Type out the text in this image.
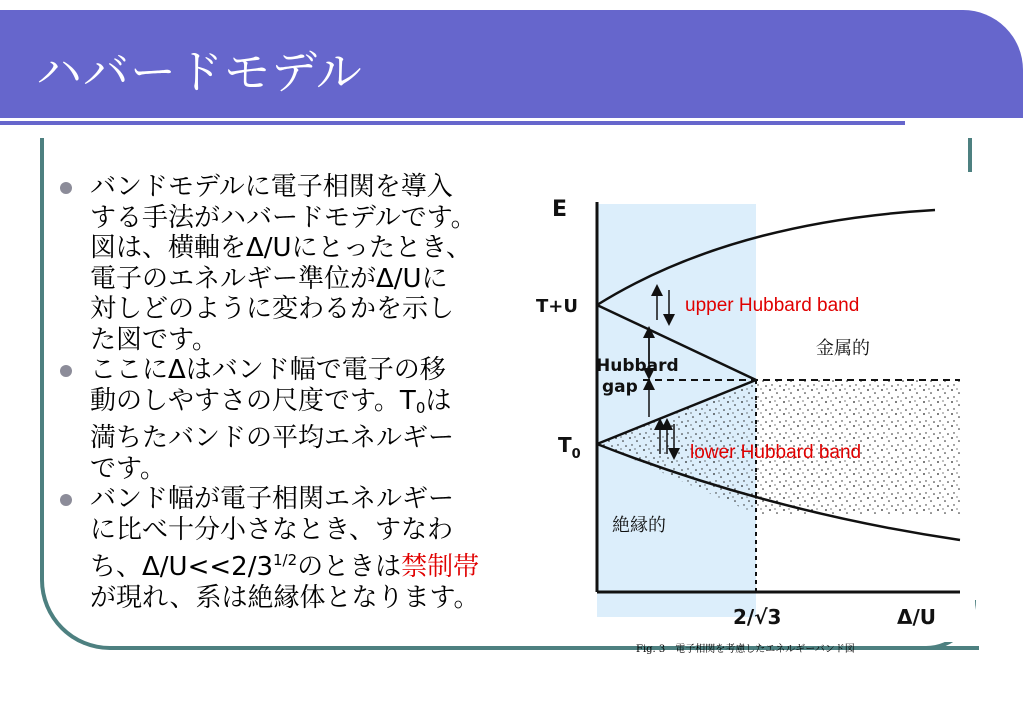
ハバードモデル
バンドモデルに電子相関を導入
する手法がハバードモデルです。
図は、横軸をΔ/Uにとったとき、
電子のエネルギー準位がΔ/Uに
対しどのように変わるかを示し
た図です。
ここにΔはバンド幅で電子の移
動のしやすさの尺度です。$T_0$は
満ちたバンドの平均エネルギー
です。
バンド幅が電子相関エネルギー
に比べ十分小さなとき、すなわ
ち、$\Delta/U<<2/3^{1/2}$のときは禁制帯
が現れ、系は絶縁体となります。
E
T+U
$T_0$
Hubbard
gap
upper Hubbard band
lower Hubbard band
金属的
絶縁的
2/√3	Δ/U
Fig. 3　電子相関を考慮したエネルギーバンド図
